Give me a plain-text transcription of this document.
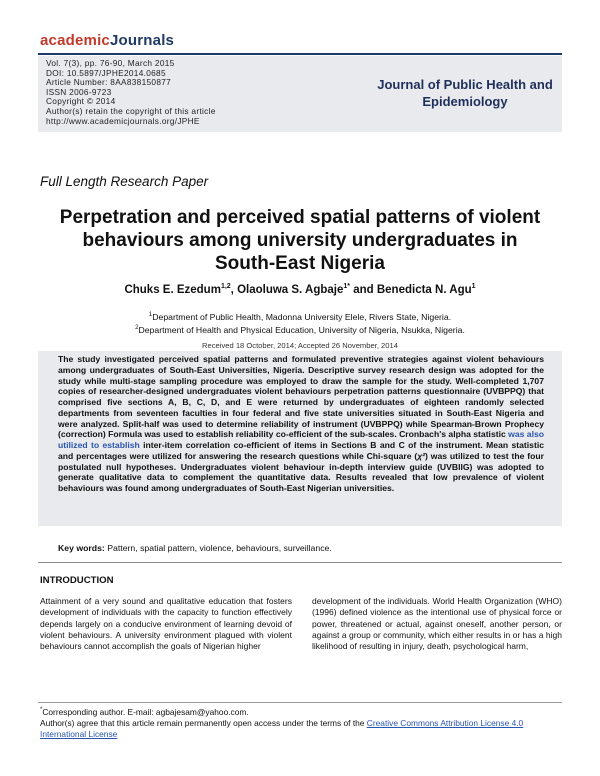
academicJournals
Vol. 7(3), pp. 76-90, March 2015
DOI: 10.5897/JPHE2014.0685
Article Number: 8AA838150877
ISSN 2006-9723
Copyright © 2014
Author(s) retain the copyright of this article
http://www.academicjournals.org/JPHE
Journal of Public Health and
Epidemiology
Full Length Research Paper
Perpetration and perceived spatial patterns of violent
behaviours among university undergraduates in
South-East Nigeria
Chuks E. Ezedum$^{1,2}$, Olaoluwa S. Agbaje$^{1*}$ and Benedicta N. Agu$^1$
$^1$Department of Public Health, Madonna University Elele, Rivers State, Nigeria.
$^2$Department of Health and Physical Education, University of Nigeria, Nsukka, Nigeria.
Received 18 October, 2014; Accepted 26 November, 2014
The study investigated perceived spatial patterns and formulated preventive strategies against violent behaviours among undergraduates of South-East Universities, Nigeria. Descriptive survey research design was adopted for the study while multi-stage sampling procedure was employed to draw the sample for the study. Well-completed 1,707 copies of researcher-designed undergraduates violent behaviours perpetration patterns questionnaire (UVBPPQ) that comprised five sections A, B, C, D, and E were returned by undergraduates of eighteen randomly selected departments from seventeen faculties in four federal and five state universities situated in South-East Nigeria and were analyzed. Split-half was used to determine reliability of instrument (UVBPPQ) while Spearman-Brown Prophecy (correction) Formula was used to establish reliability co-efficient of the sub-scales. Cronbach's alpha statistic was also utilized to establish inter-item correlation co-efficient of items in Sections B and C of the instrument. Mean statistic and percentages were utilized for answering the research questions while Chi-square (χ²) was utilized to test the four postulated null hypotheses. Undergraduates violent behaviour in-depth interview guide (UVBIIG) was adopted to generate qualitative data to complement the quantitative data. Results revealed that low prevalence of violent behaviours was found among undergraduates of South-East Nigerian universities.
Key words: Pattern, spatial pattern, violence, behaviours, surveillance.
INTRODUCTION
Attainment of a very sound and qualitative education that fosters development of individuals with the capacity to function effectively depends largely on a conducive environment of learning devoid of violent behaviours. A university environment plagued with violent behaviours cannot accomplish the goals of Nigerian higher
development of the individuals. World Health Organization (WHO) (1996) defined violence as the intentional use of physical force or power, threatened or actual, against oneself, another person, or against a group or community, which either results in or has a high likelihood of resulting in injury, death, psychological harm,
*Corresponding author. E-mail: agbajesam@yahoo.com.
Author(s) agree that this article remain permanently open access under the terms of the Creative Commons Attribution License 4.0 International License
